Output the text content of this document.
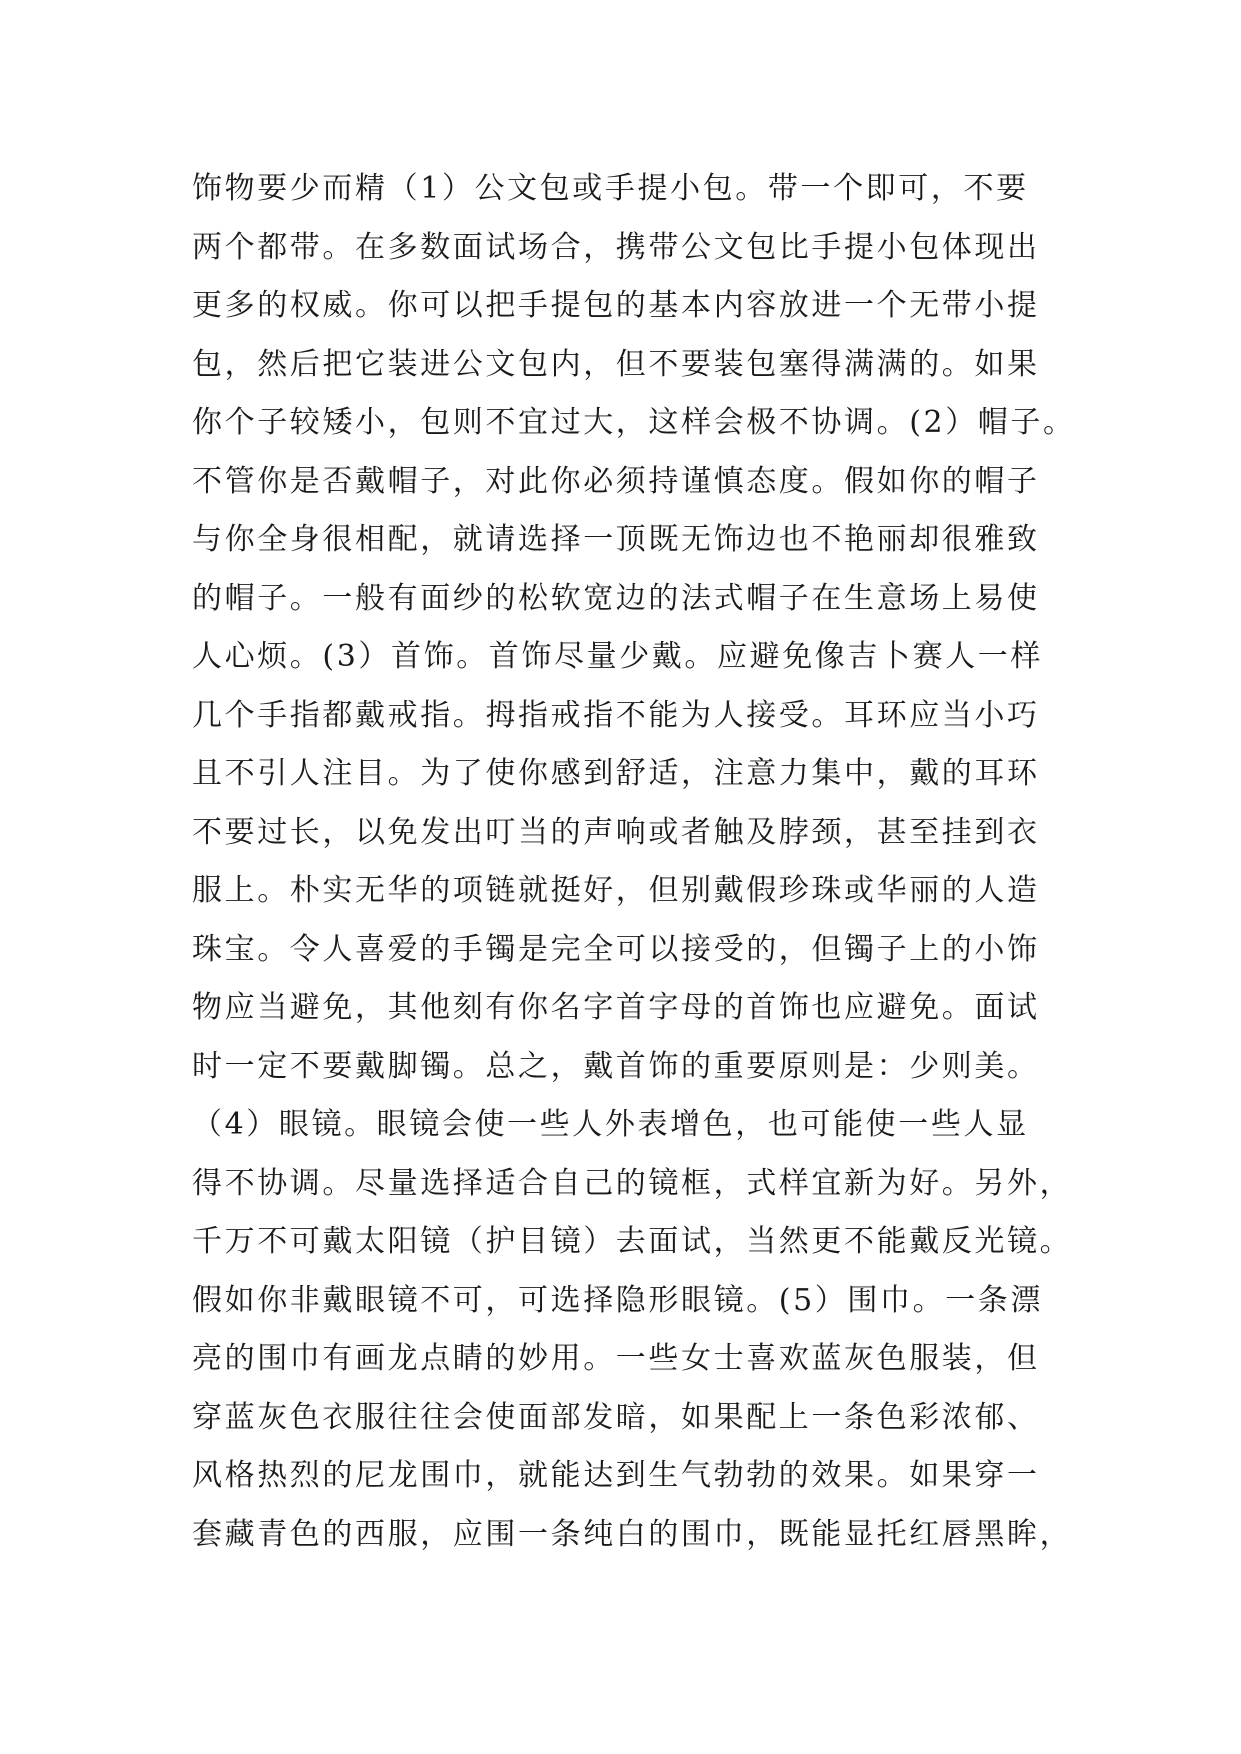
饰物要少而精（1）公文包或手提小包。带一个即可，不要
两个都带。在多数面试场合，携带公文包比手提小包体现出
更多的权威。你可以把手提包的基本内容放进一个无带小提
包，然后把它装进公文包内，但不要装包塞得满满的。如果
你个子较矮小，包则不宜过大，这样会极不协调。(2）帽子。
不管你是否戴帽子，对此你必须持谨慎态度。假如你的帽子
与你全身很相配，就请选择一顶既无饰边也不艳丽却很雅致
的帽子。一般有面纱的松软宽边的法式帽子在生意场上易使
人心烦。(3）首饰。首饰尽量少戴。应避免像吉卜赛人一样
几个手指都戴戒指。拇指戒指不能为人接受。耳环应当小巧
且不引人注目。为了使你感到舒适，注意力集中，戴的耳环
不要过长，以免发出叮当的声响或者触及脖颈，甚至挂到衣
服上。朴实无华的项链就挺好，但别戴假珍珠或华丽的人造
珠宝。令人喜爱的手镯是完全可以接受的，但镯子上的小饰
物应当避免，其他刻有你名字首字母的首饰也应避免。面试
时一定不要戴脚镯。总之，戴首饰的重要原则是：少则美。
（4）眼镜。眼镜会使一些人外表增色，也可能使一些人显
得不协调。尽量选择适合自己的镜框，式样宜新为好。另外，
千万不可戴太阳镜（护目镜）去面试，当然更不能戴反光镜。
假如你非戴眼镜不可，可选择隐形眼镜。(5）围巾。一条漂
亮的围巾有画龙点睛的妙用。一些女士喜欢蓝灰色服装，但
穿蓝灰色衣服往往会使面部发暗，如果配上一条色彩浓郁、
风格热烈的尼龙围巾，就能达到生气勃勃的效果。如果穿一
套藏青色的西服，应围一条纯白的围巾，既能显托红唇黑眸，
